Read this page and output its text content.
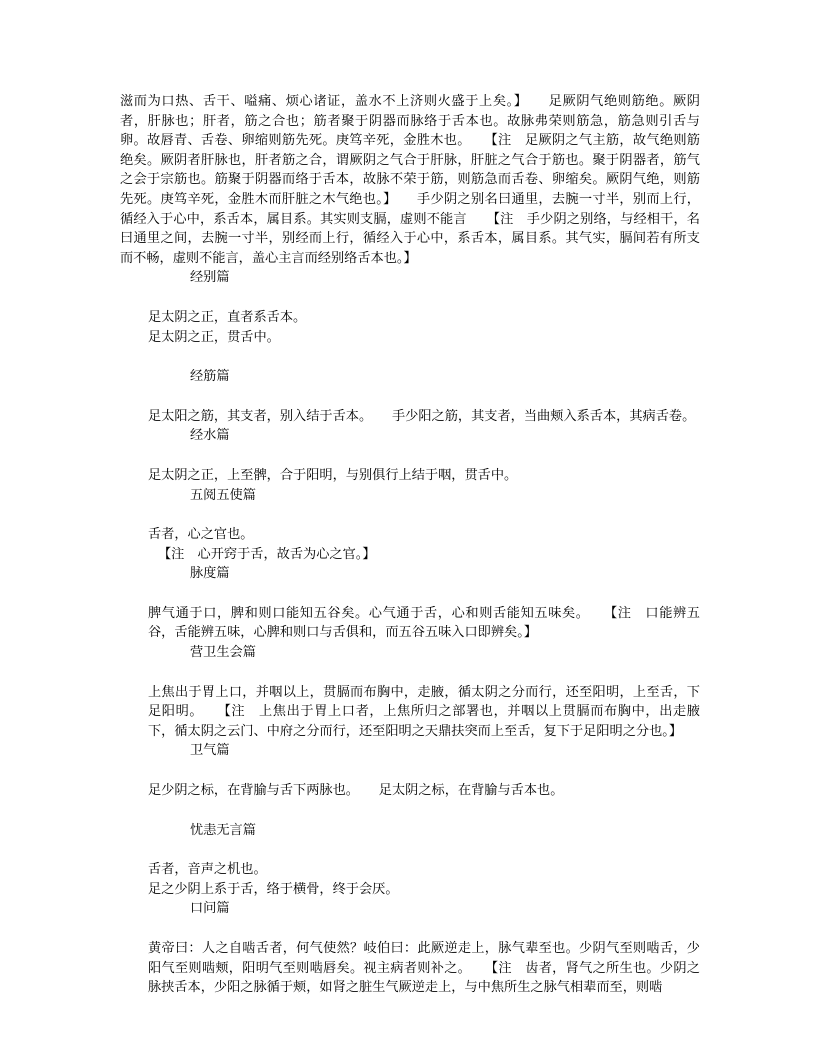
滋而为口热、舌干、嗌痛、烦心诸证，盖水不上济则火盛于上矣。】　　足厥阴气绝则筋绝。厥阴者，肝脉也；肝者，筋之合也；筋者聚于阴器而脉络于舌本也。故脉弗荣则筋急，筋急则引舌与卵。故唇青、舌卷、卵缩则筋先死。庚笃辛死，金胜木也。　　【注　足厥阴之气主筋，故气绝则筋绝矣。厥阴者肝脉也，肝者筋之合，谓厥阴之气合于肝脉，肝脏之气合于筋也。聚于阴器者，筋气之会于宗筋也。筋聚于阴器而络于舌本，故脉不荣于筋，则筋急而舌卷、卵缩矣。厥阴气绝，则筋先死。庚笃辛死，金胜木而肝脏之木气绝也。】　　手少阴之别名曰通里，去腕一寸半，别而上行，循经入于心中，系舌本，属目系。其实则支膈，虚则不能言　　【注　手少阴之别络，与经相干，名曰通里之间，去腕一寸半，别经而上行，循经入于心中，系舌本，属目系。其气实，膈间若有所支而不畅，虚则不能言，盖心主言而经别络舌本也。】

经别篇

足太阴之正，直者系舌本。

足太阴之正，贯舌中。

经筋篇

足太阳之筋，其支者，别入结于舌本。　　手少阳之筋，其支者，当曲颊入系舌本，其病舌卷。

经水篇

足太阴之正，上至髀，合于阳明，与别俱行上结于咽，贯舌中。

五阅五使篇

舌者，心之官也。

【注　心开窍于舌，故舌为心之官。】

脉度篇

脾气通于口，脾和则口能知五谷矣。心气通于舌，心和则舌能知五味矣。　　【注　口能辨五谷，舌能辨五味，心脾和则口与舌俱和，而五谷五味入口即辨矣。】

营卫生会篇

上焦出于胃上口，并咽以上，贯膈而布胸中，走腋，循太阴之分而行，还至阳明，上至舌，下足阳明。　　【注　上焦出于胃上口者，上焦所归之部署也，并咽以上贯膈而布胸中，出走腋下，循太阴之云门、中府之分而行，还至阳明之天鼎扶突而上至舌，复下于足阳明之分也。】

卫气篇

足少阴之标，在背腧与舌下两脉也。　　足太阴之标，在背腧与舌本也。

忧恚无言篇

舌者，音声之机也。

足之少阴上系于舌，络于横骨，终于会厌。

口问篇

黄帝曰：人之自啮舌者，何气使然？岐伯曰：此厥逆走上，脉气辈至也。少阴气至则啮舌，少阳气至则啮颊，阳明气至则啮唇矣。视主病者则补之。　　【注　齿者，肾气之所生也。少阴之脉挟舌本，少阳之脉循于颊，如肾之脏生气厥逆走上，与中焦所生之脉气相辈而至，则啮
